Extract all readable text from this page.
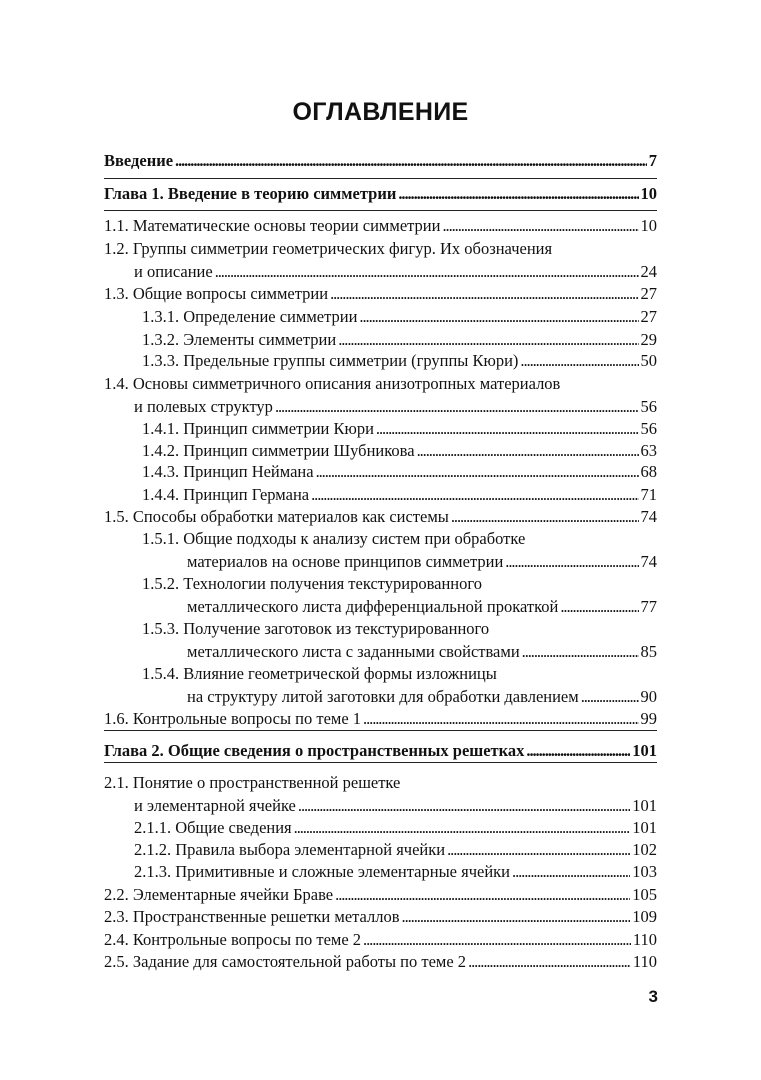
ОГЛАВЛЕНИЕ
Введение . . .	7
Глава 1. Введение в теорию симметрии . . .	10
1.1. Математические основы теории симметрии . . .	10
1.2. Группы симметрии геометрических фигур. Их обозначения
и описание . . .	24
1.3. Общие вопросы симметрии . . .	27
1.3.1. Определение симметрии . . .	27
1.3.2. Элементы симметрии . . .	29
1.3.3. Предельные группы симметрии (группы Кюри) . . .	50
1.4. Основы симметричного описания анизотропных материалов
и полевых структур . . .	56
1.4.1. Принцип симметрии Кюри . . .	56
1.4.2. Принцип симметрии Шубникова . . .	63
1.4.3. Принцип Неймана . . .	68
1.4.4. Принцип Германа . . .	71
1.5. Способы обработки материалов как системы . . .	74
1.5.1. Общие подходы к анализу систем при обработке
материалов на основе принципов симметрии . . .	74
1.5.2. Технологии получения текстурированного
металлического листа дифференциальной прокаткой . . .	77
1.5.3. Получение заготовок из текстурированного
металлического листа с заданными свойствами . . .	85
1.5.4. Влияние геометрической формы изложницы
на структуру литой заготовки для обработки давлением . . .	90
1.6. Контрольные вопросы по теме 1 . . .	99
Глава 2. Общие сведения о пространственных решетках . . .	101
2.1. Понятие о пространственной решетке
и элементарной ячейке . . .	101
2.1.1. Общие сведения . . .	101
2.1.2. Правила выбора элементарной ячейки . . .	102
2.1.3. Примитивные и сложные элементарные ячейки . . .	103
2.2. Элементарные ячейки Браве . . .	105
2.3. Пространственные решетки металлов . . .	109
2.4. Контрольные вопросы по теме 2 . . .	110
2.5. Задание для самостоятельной работы по теме 2 . . .	110
3
